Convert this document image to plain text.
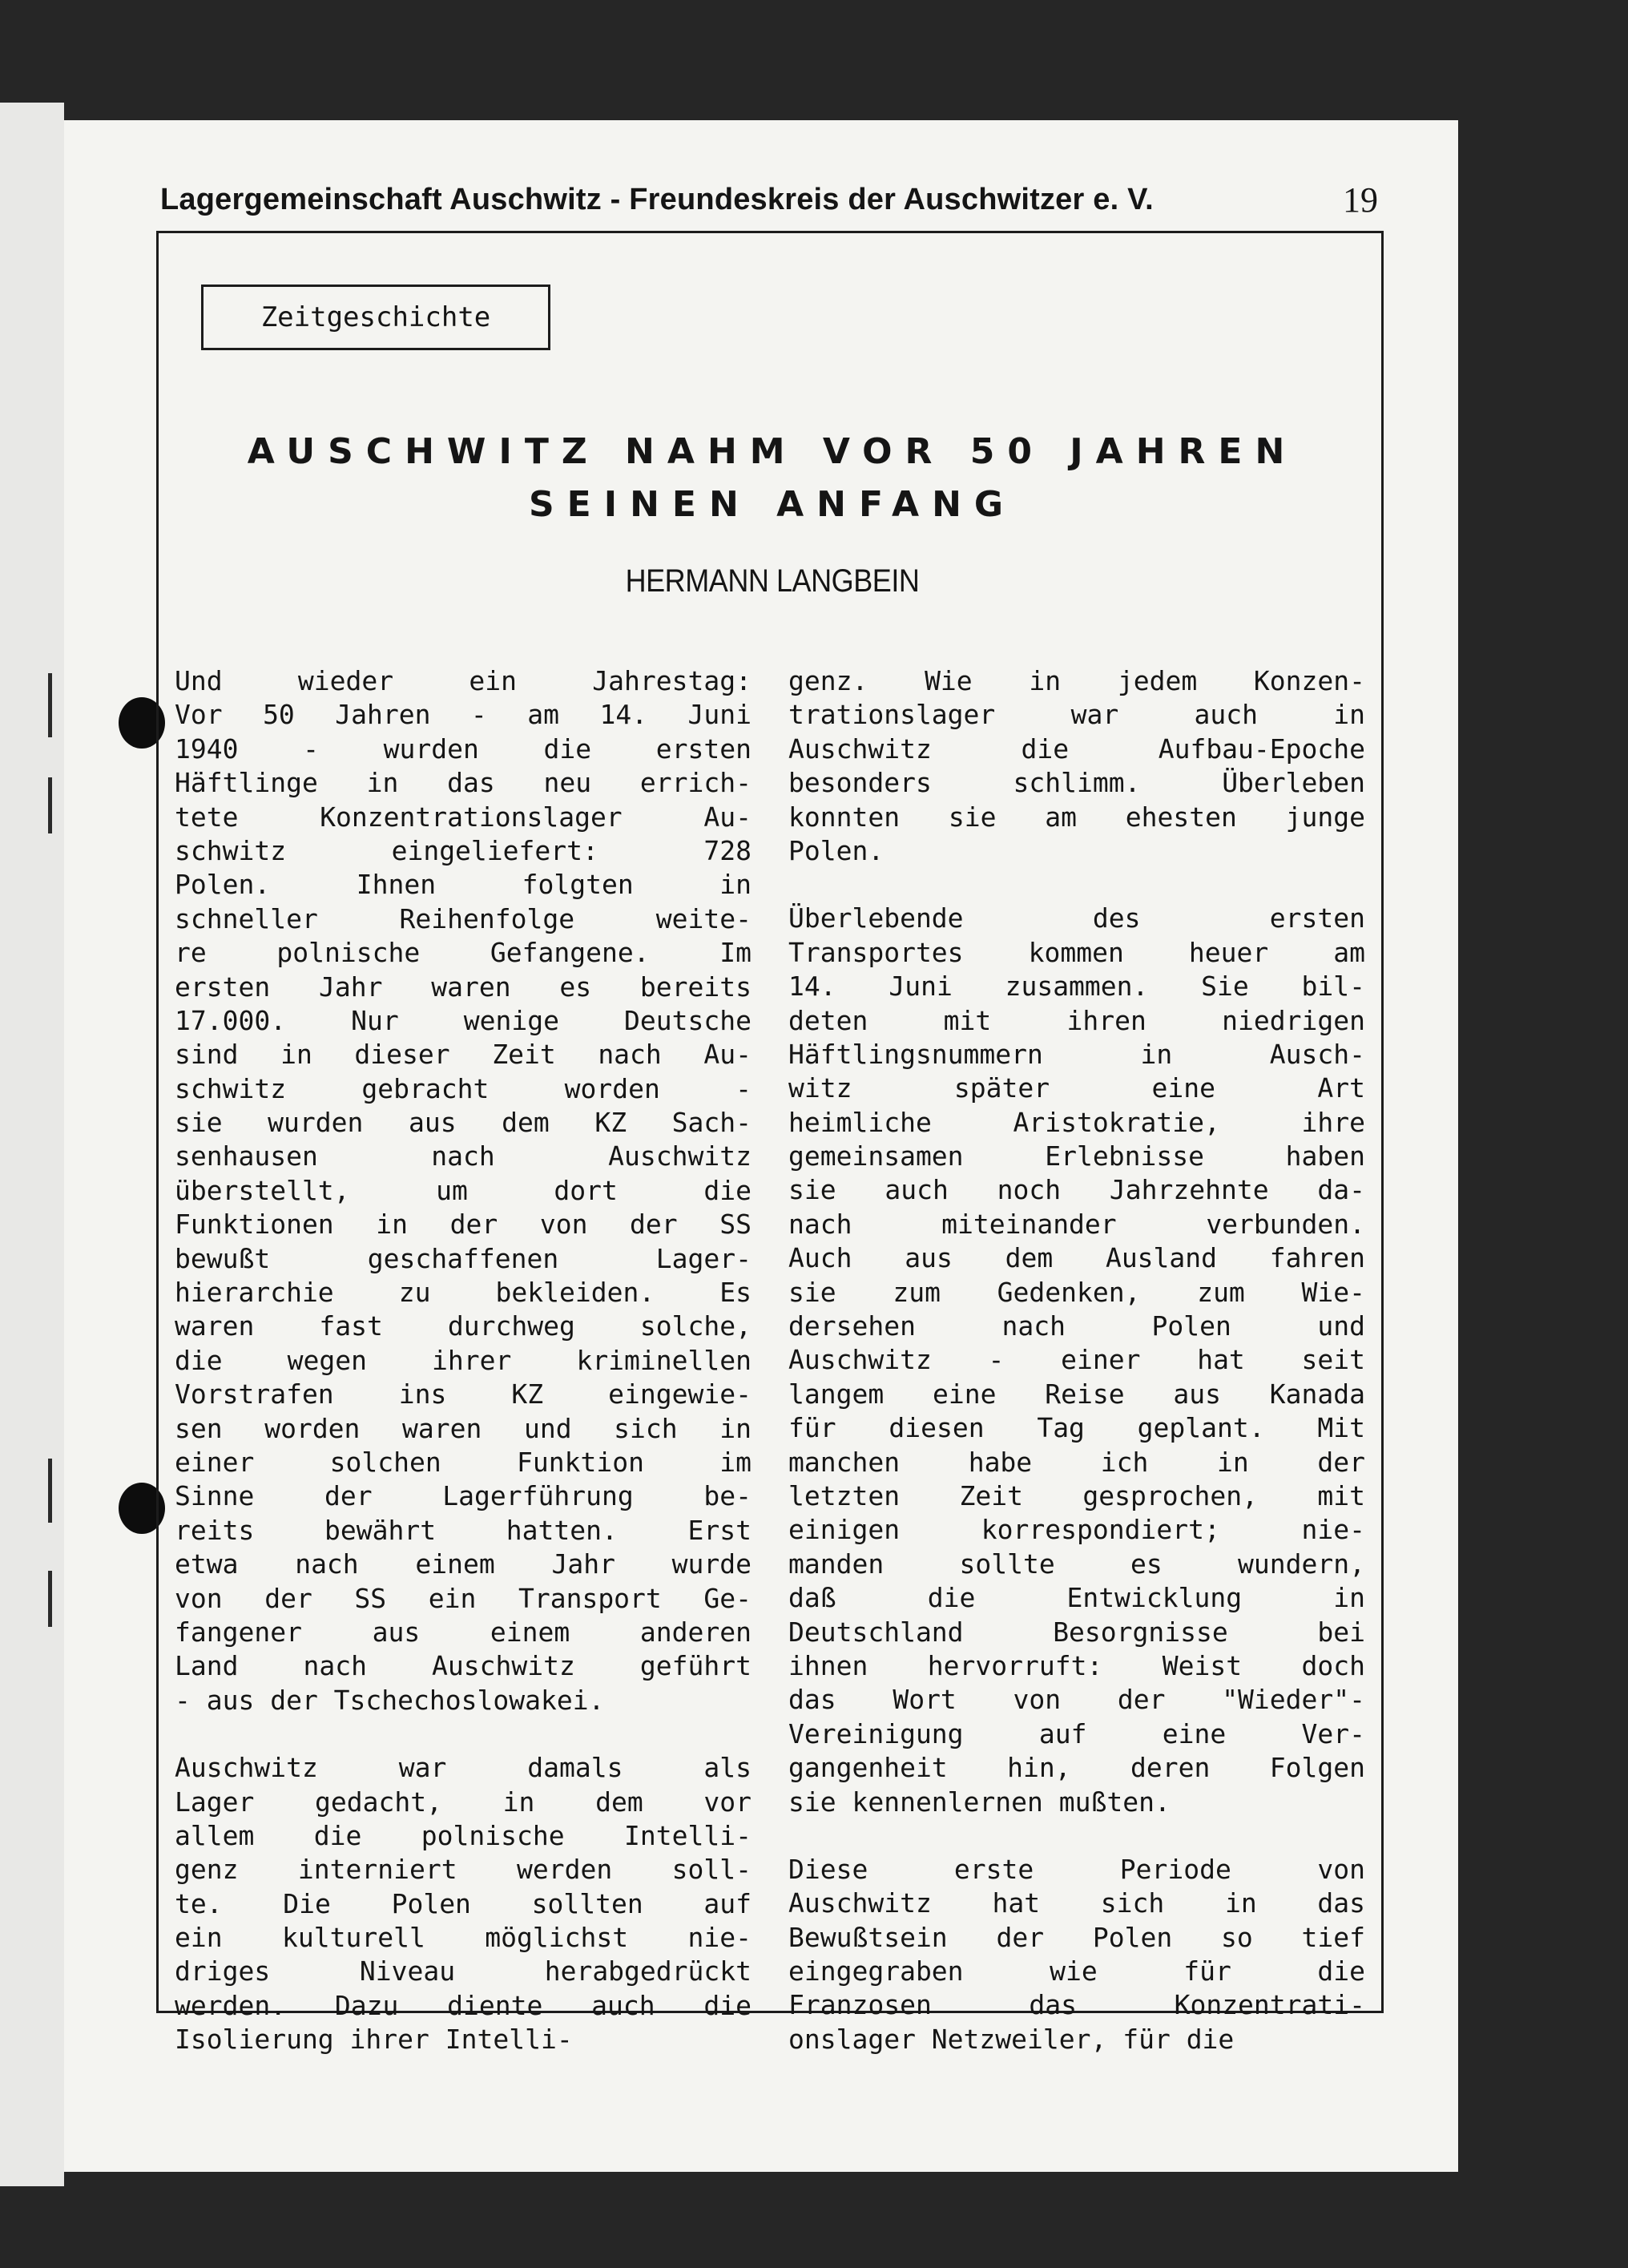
Lagergemeinschaft Auschwitz - Freundeskreis der Auschwitzer e. V.	19
Zeitgeschichte
AUSCHWITZ NAHM VOR 50 JAHREN
SEINEN ANFANG
HERMANN LANGBEIN
Und wieder ein Jahrestag:
Vor 50 Jahren - am 14. Juni
1940 - wurden die ersten
Häftlinge in das neu errich-
tete Konzentrationslager Au-
schwitz eingeliefert: 728
Polen. Ihnen folgten in
schneller Reihenfolge weite-
re polnische Gefangene. Im
ersten Jahr waren es bereits
17.000. Nur wenige Deutsche
sind in dieser Zeit nach Au-
schwitz gebracht worden -
sie wurden aus dem KZ Sach-
senhausen nach Auschwitz
überstellt, um dort die
Funktionen in der von der SS
bewußt geschaffenen Lager-
hierarchie zu bekleiden. Es
waren fast durchweg solche,
die wegen ihrer kriminellen
Vorstrafen ins KZ eingewie-
sen worden waren und sich in
einer solchen Funktion im
Sinne der Lagerführung be-
reits bewährt hatten. Erst
etwa nach einem Jahr wurde
von der SS ein Transport Ge-
fangener aus einem anderen
Land nach Auschwitz geführt
- aus der Tschechoslowakei.
Auschwitz war damals als
Lager gedacht, in dem vor
allem die polnische Intelli-
genz interniert werden soll-
te. Die Polen sollten auf
ein kulturell möglichst nie-
driges Niveau herabgedrückt
werden. Dazu diente auch die
Isolierung ihrer Intelli-
genz. Wie in jedem Konzen-
trationslager war auch in
Auschwitz die Aufbau-Epoche
besonders schlimm. Überleben
konnten sie am ehesten junge
Polen.
Überlebende des ersten
Transportes kommen heuer am
14. Juni zusammen. Sie bil-
deten mit ihren niedrigen
Häftlingsnummern in Ausch-
witz später eine Art
heimliche Aristokratie, ihre
gemeinsamen Erlebnisse haben
sie auch noch Jahrzehnte da-
nach miteinander verbunden.
Auch aus dem Ausland fahren
sie zum Gedenken, zum Wie-
dersehen nach Polen und
Auschwitz - einer hat seit
langem eine Reise aus Kanada
für diesen Tag geplant. Mit
manchen habe ich in der
letzten Zeit gesprochen, mit
einigen korrespondiert; nie-
manden sollte es wundern,
daß die Entwicklung in
Deutschland Besorgnisse bei
ihnen hervorruft: Weist doch
das Wort von der "Wieder"-
Vereinigung auf eine Ver-
gangenheit hin, deren Folgen
sie kennenlernen mußten.
Diese erste Periode von
Auschwitz hat sich in das
Bewußtsein der Polen so tief
eingegraben wie für die
Franzosen das Konzentrati-
onslager Netzweiler, für die
